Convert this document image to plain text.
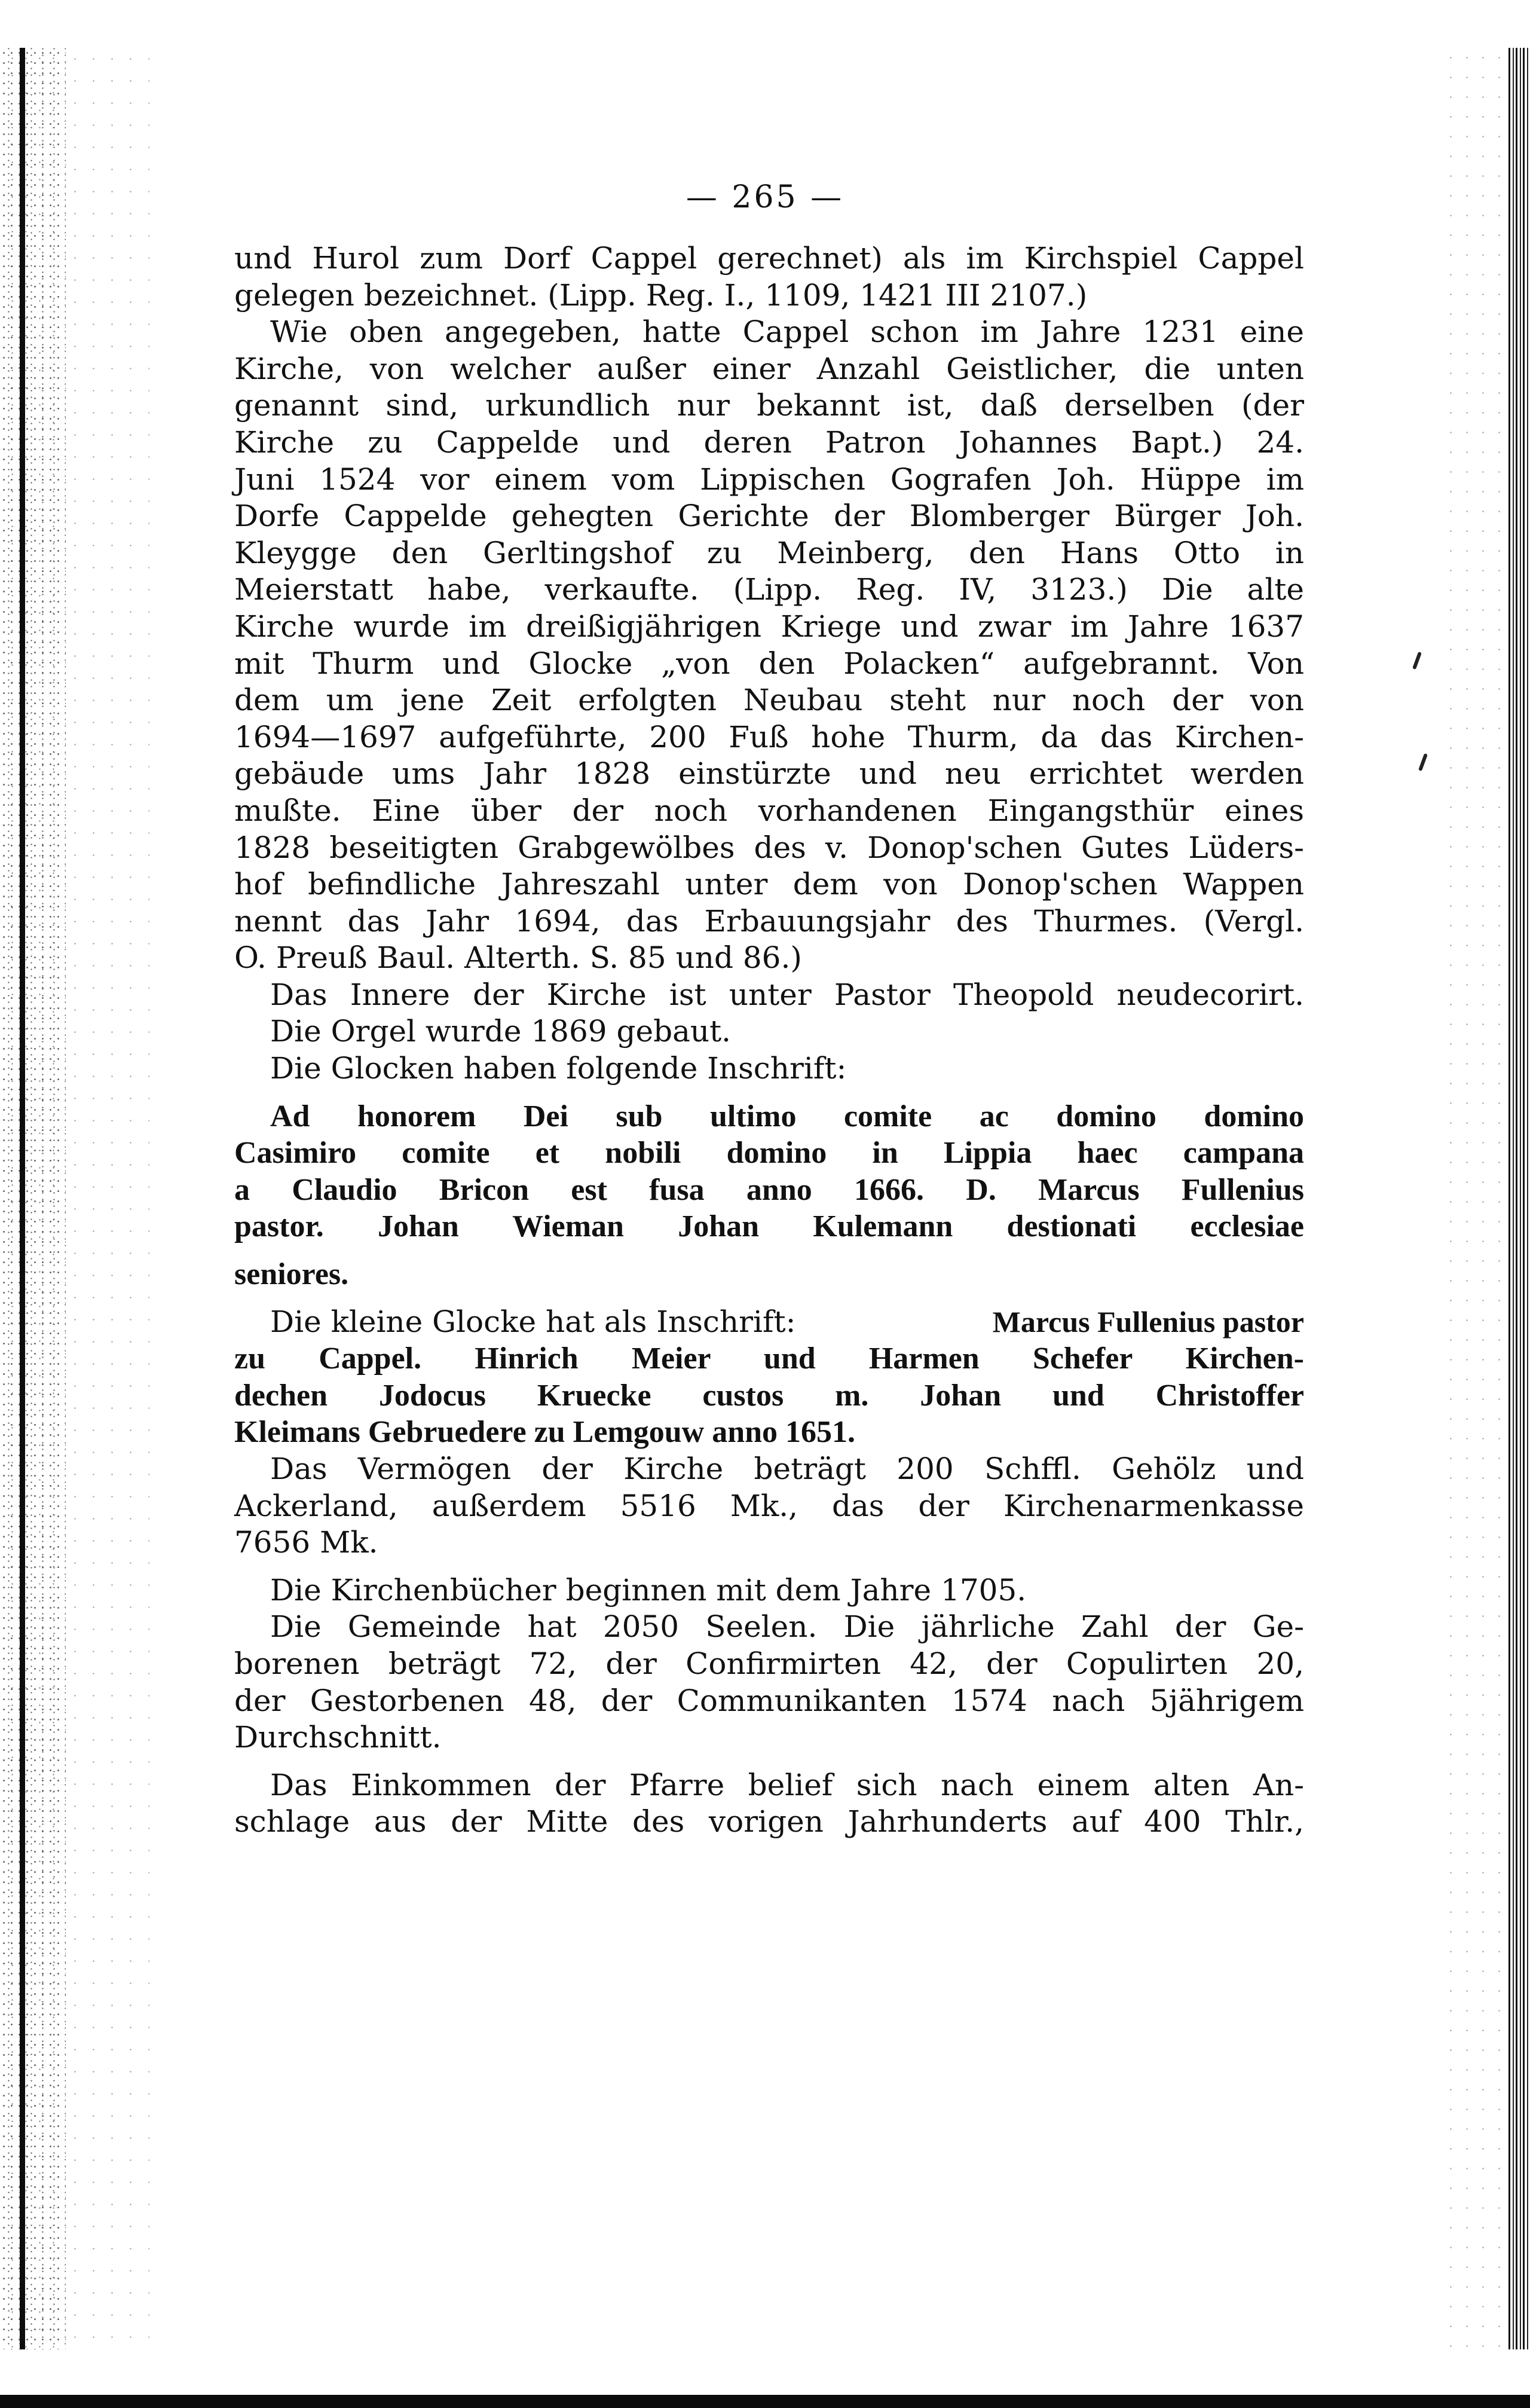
— 265 —
und Hurol zum Dorf Cappel gerechnet) als im Kirchspiel Cappel
gelegen bezeichnet. (Lipp. Reg. I., 1109, 1421 III 2107.)
Wie oben angegeben, hatte Cappel schon im Jahre 1231 eine
Kirche, von welcher außer einer Anzahl Geistlicher, die unten
genannt sind, urkundlich nur bekannt ist, daß derselben (der
Kirche zu Cappelde und deren Patron Johannes Bapt.) 24.
Juni 1524 vor einem vom Lippischen Gografen Joh. Hüppe im
Dorfe Cappelde gehegten Gerichte der Blomberger Bürger Joh.
Kleygge den Gerltingshof zu Meinberg, den Hans Otto in
Meierstatt habe, verkaufte. (Lipp. Reg. IV, 3123.) Die alte
Kirche wurde im dreißigjährigen Kriege und zwar im Jahre 1637
mit Thurm und Glocke „von den Polacken“ aufgebrannt. Von
dem um jene Zeit erfolgten Neubau steht nur noch der von
1694—1697 aufgeführte, 200 Fuß hohe Thurm, da das Kirchen-
gebäude ums Jahr 1828 einstürzte und neu errichtet werden
mußte. Eine über der noch vorhandenen Eingangsthür eines
1828 beseitigten Grabgewölbes des v. Donop'schen Gutes Lüders-
hof befindliche Jahreszahl unter dem von Donop'schen Wappen
nennt das Jahr 1694, das Erbauungsjahr des Thurmes. (Vergl.
O. Preuß Baul. Alterth. S. 85 und 86.)
Das Innere der Kirche ist unter Pastor Theopold neudecorirt.
Die Orgel wurde 1869 gebaut.
Die Glocken haben folgende Inschrift:
Ad honorem Dei sub ultimo comite ac domino domino
Casimiro comite et nobili domino in Lippia haec campana
a Claudio Bricon est fusa anno 1666. D. Marcus Fullenius
pastor. Johan Wieman Johan Kulemann destionati ecclesiae
seniores.
Die kleine Glocke hat als Inschrift:	Marcus Fullenius pastor
zu Cappel. Hinrich Meier und Harmen Schefer Kirchen-
dechen Jodocus Kruecke custos m. Johan und Christoffer
Kleimans Gebruedere zu Lemgouw anno 1651.
Das Vermögen der Kirche beträgt 200 Schffl. Gehölz und
Ackerland, außerdem 5516 Mk., das der Kirchenarmenkasse
7656 Mk.
Die Kirchenbücher beginnen mit dem Jahre 1705.
Die Gemeinde hat 2050 Seelen. Die jährliche Zahl der Ge-
borenen beträgt 72, der Confirmirten 42, der Copulirten 20,
der Gestorbenen 48, der Communikanten 1574 nach 5jährigem
Durchschnitt.
Das Einkommen der Pfarre belief sich nach einem alten An-
schlage aus der Mitte des vorigen Jahrhunderts auf 400 Thlr.,
